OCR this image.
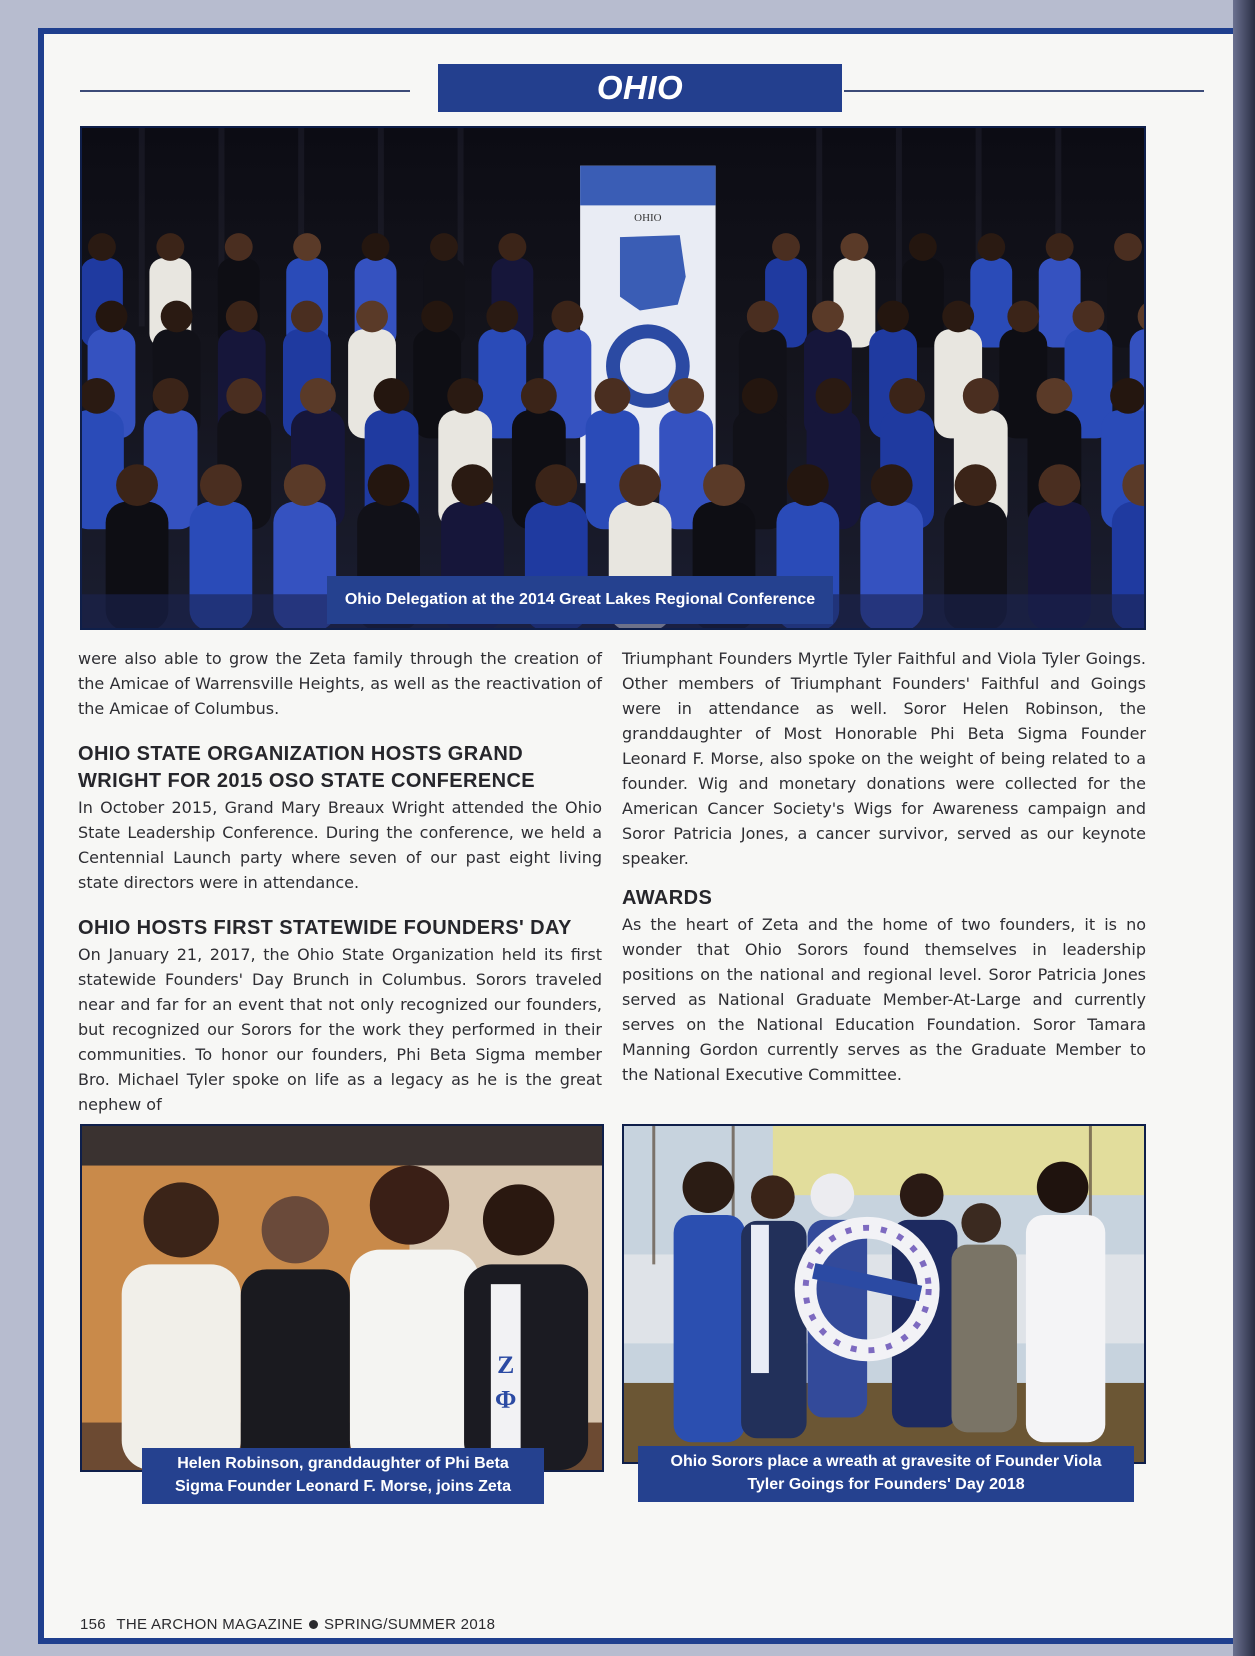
OHIO
OHIO
Ohio Delegation at the 2014 Great Lakes Regional Conference

were also able to grow the Zeta family through the creation of the Amicae of Warrensville Heights, as well as the reactivation of the Amicae of Columbus.

OHIO STATE ORGANIZATION HOSTS GRAND WRIGHT FOR 2015 OSO STATE CONFERENCE

In October 2015, Grand Mary Breaux Wright attended the Ohio State Leadership Conference. During the conference, we held a Centennial Launch party where seven of our past eight living state directors were in attendance.

OHIO HOSTS FIRST STATEWIDE FOUNDERS' DAY

On January 21, 2017, the Ohio State Organization held its first statewide Founders' Day Brunch in Columbus. Sorors traveled near and far for an event that not only recognized our founders, but recognized our Sorors for the work they performed in their communities. To honor our founders, Phi Beta Sigma member Bro. Michael Tyler spoke on life as a legacy as he is the great nephew of

Triumphant Founders Myrtle Tyler Faithful and Viola Tyler Goings. Other members of Triumphant Founders' Faithful and Goings were in attendance as well. Soror Helen Robinson, the granddaughter of Most Honorable Phi Beta Sigma Founder Leonard F. Morse, also spoke on the weight of being related to a founder. Wig and monetary donations were collected for the American Cancer Society's Wigs for Awareness campaign and Soror Patricia Jones, a cancer survivor, served as our keynote speaker.

AWARDS

As the heart of Zeta and the home of two founders, it is no wonder that Ohio Sorors found themselves in leadership positions on the national and regional level. Soror Patricia Jones served as National Graduate Member-At-Large and currently serves on the National Education Foundation. Soror Tamara Manning Gordon currently serves as the Graduate Member to the National Executive Committee.

Z
Φ
Helen Robinson, granddaughter of Phi Beta Sigma Founder Leonard F. Morse, joins Zeta
Ohio Sorors place a wreath at gravesite of Founder Viola Tyler Goings for Founders' Day 2018
156 THE ARCHON MAGAZINE SPRING/SUMMER 2018
